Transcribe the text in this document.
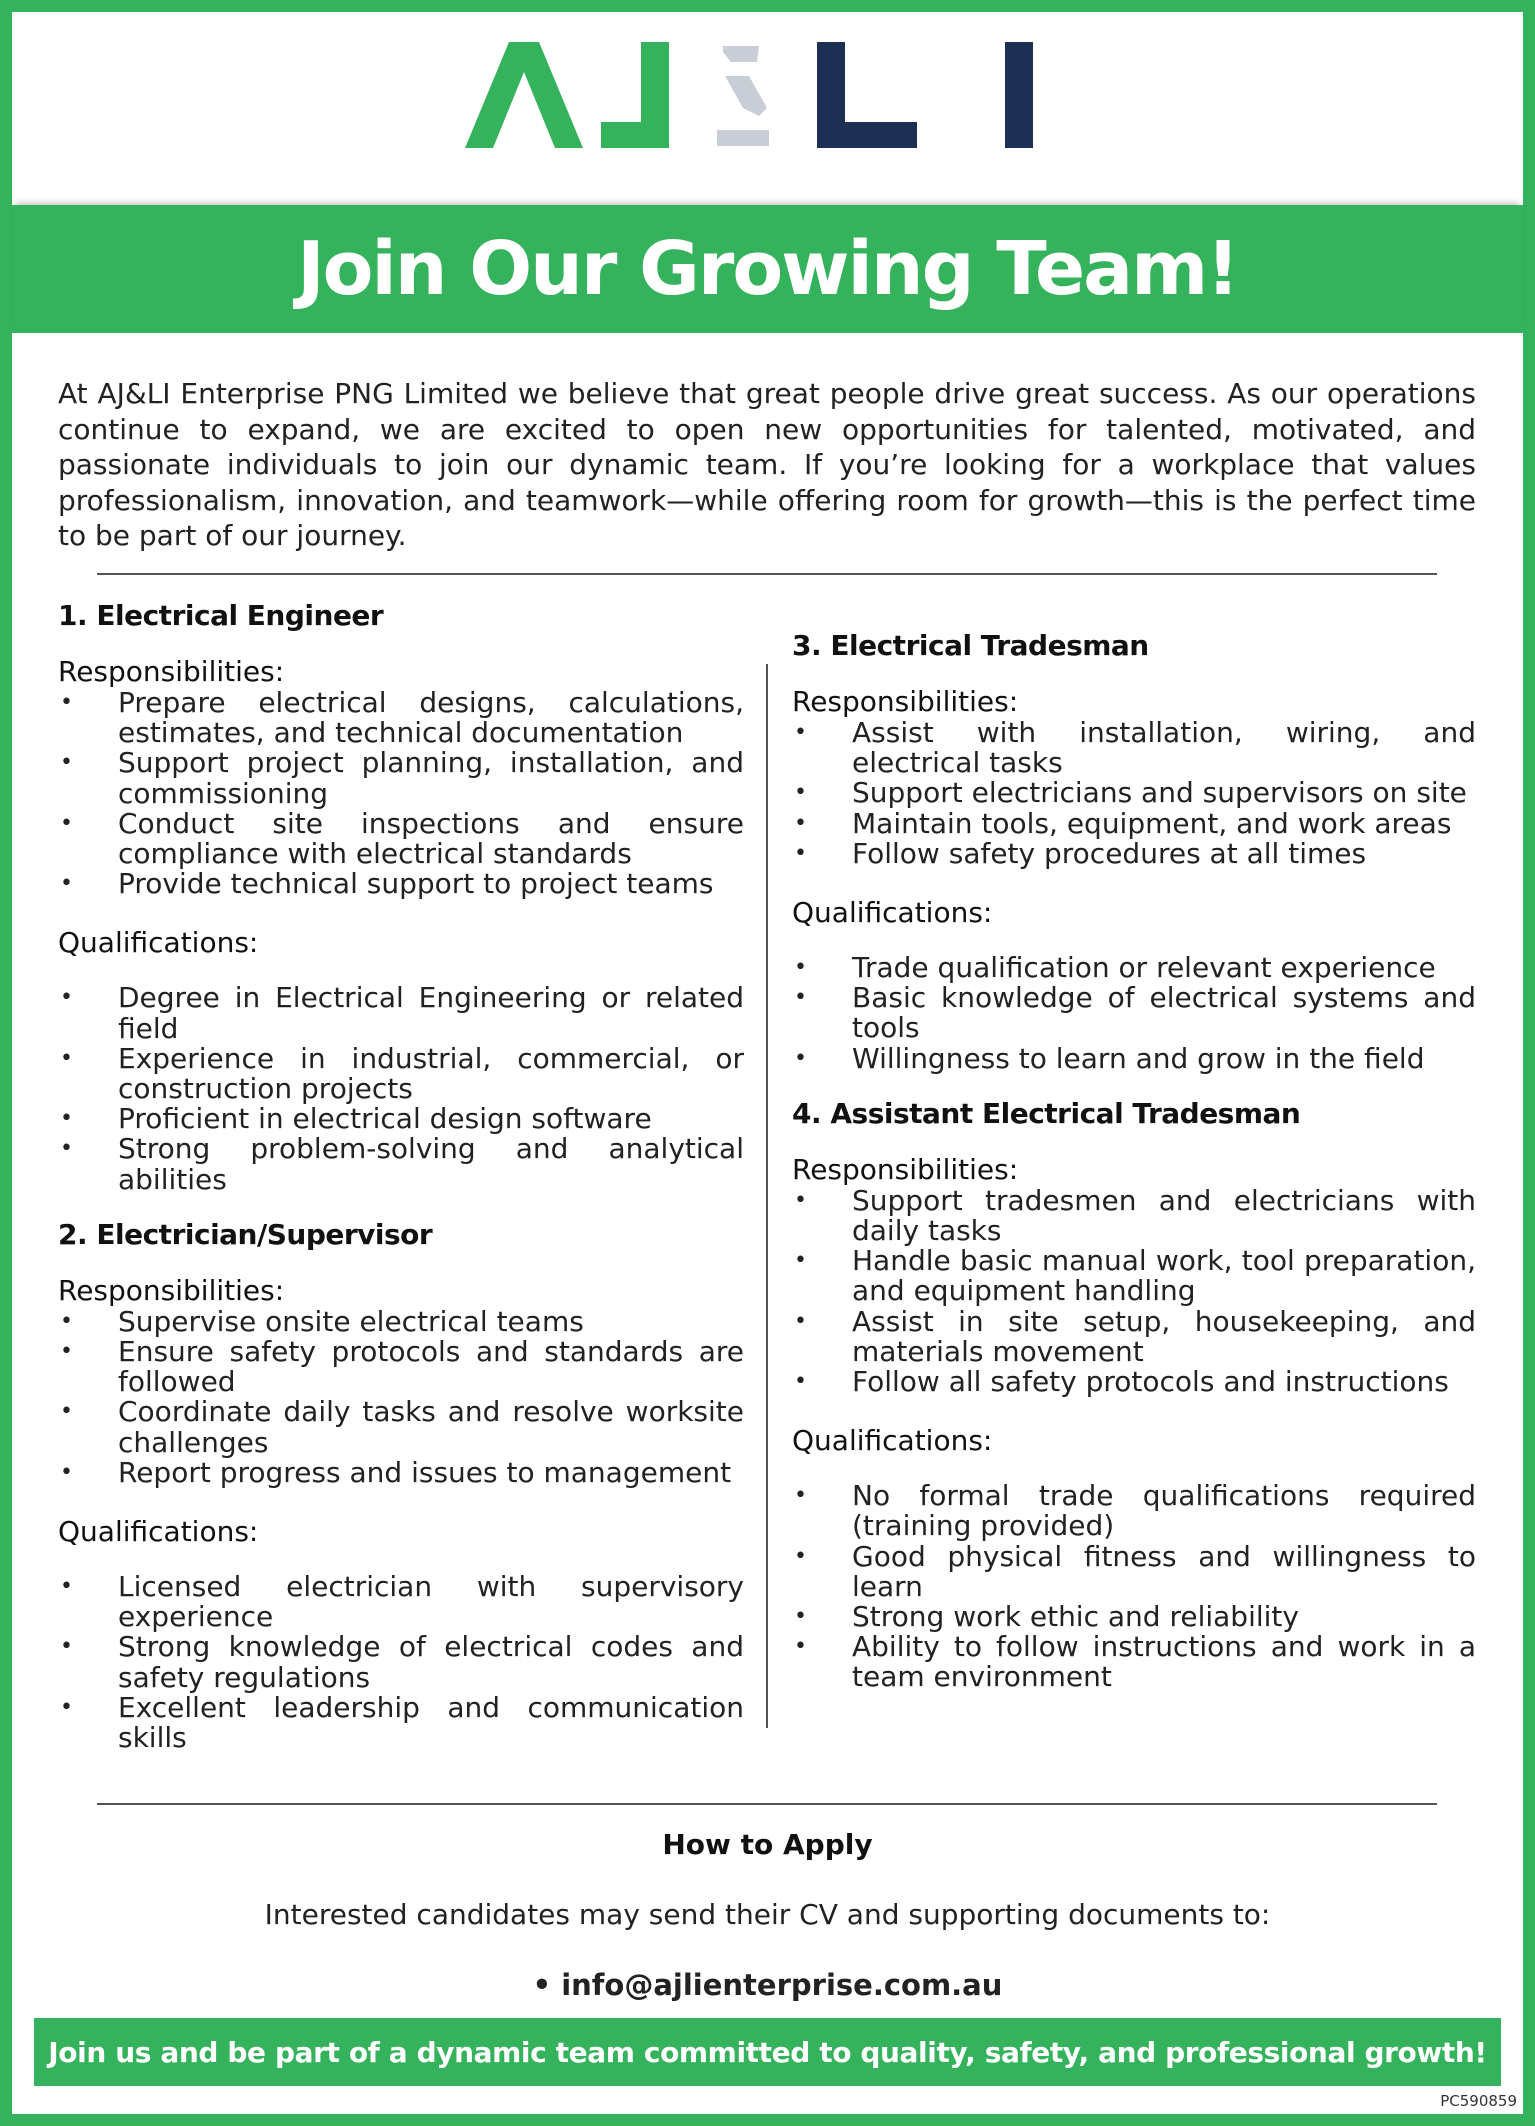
Join Our Growing Team!

At AJ&LI Enterprise PNG Limited we believe that great people drive great success. As our operations continue to expand, we are excited to open new opportunities for talented, motivated, and passionate individuals to join our dynamic team. If you’re looking for a workplace that values professionalism, innovation, and teamwork—while offering room for growth—this is the perfect time to be part of our journey.

1. Electrical Engineer
Responsibilities:
• Prepare electrical designs, calculations, estimates, and technical documentation
• Support project planning, installation, and commissioning
• Conduct site inspections and ensure compliance with electrical standards
• Provide technical support to project teams
Qualifications:
• Degree in Electrical Engineering or related field
• Experience in industrial, commercial, or construction projects
• Proficient in electrical design software
• Strong problem-solving and analytical abilities
2. Electrician/Supervisor
Responsibilities:
• Supervise onsite electrical teams
• Ensure safety protocols and standards are followed
• Coordinate daily tasks and resolve worksite challenges
• Report progress and issues to management
Qualifications:
• Licensed electrician with supervisory experience
• Strong knowledge of electrical codes and safety regulations
• Excellent leadership and communication skills
3. Electrical Tradesman
Responsibilities:
• Assist with installation, wiring, and electrical tasks
• Support electricians and supervisors on site
• Maintain tools, equipment, and work areas
• Follow safety procedures at all times
Qualifications:
• Trade qualification or relevant experience
• Basic knowledge of electrical systems and tools
• Willingness to learn and grow in the field
4. Assistant Electrical Tradesman
Responsibilities:
• Support tradesmen and electricians with daily tasks
• Handle basic manual work, tool preparation, and equipment handling
• Assist in site setup, housekeeping, and materials movement
• Follow all safety protocols and instructions
Qualifications:
• No formal trade qualifications required (training provided)
• Good physical fitness and willingness to learn
• Strong work ethic and reliability
• Ability to follow instructions and work in a team environment
How to Apply
Interested candidates may send their CV and supporting documents to:
• info@ajlienterprise.com.au
Join us and be part of a dynamic team committed to quality, safety, and professional growth!
PC590859
